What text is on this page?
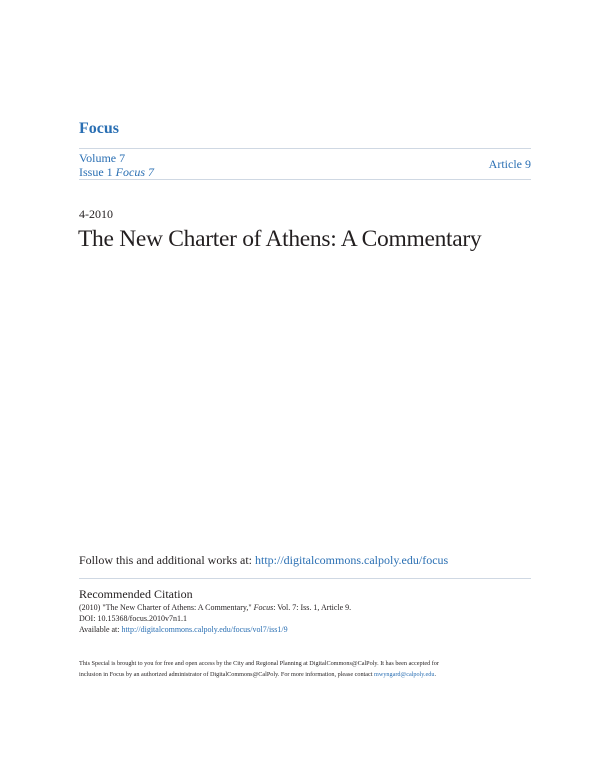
Focus
Volume 7
Issue 1 Focus 7
Article 9
4-2010
The New Charter of Athens: A Commentary
Follow this and additional works at: http://digitalcommons.calpoly.edu/focus
Recommended Citation
(2010) "The New Charter of Athens: A Commentary," Focus: Vol. 7: Iss. 1, Article 9.
DOI: 10.15368/focus.2010v7n1.1
Available at: http://digitalcommons.calpoly.edu/focus/vol7/iss1/9
This Special is brought to you for free and open access by the City and Regional Planning at DigitalCommons@CalPoly. It has been accepted for
inclusion in Focus by an authorized administrator of DigitalCommons@CalPoly. For more information, please contact mwyngard@calpoly.edu.
